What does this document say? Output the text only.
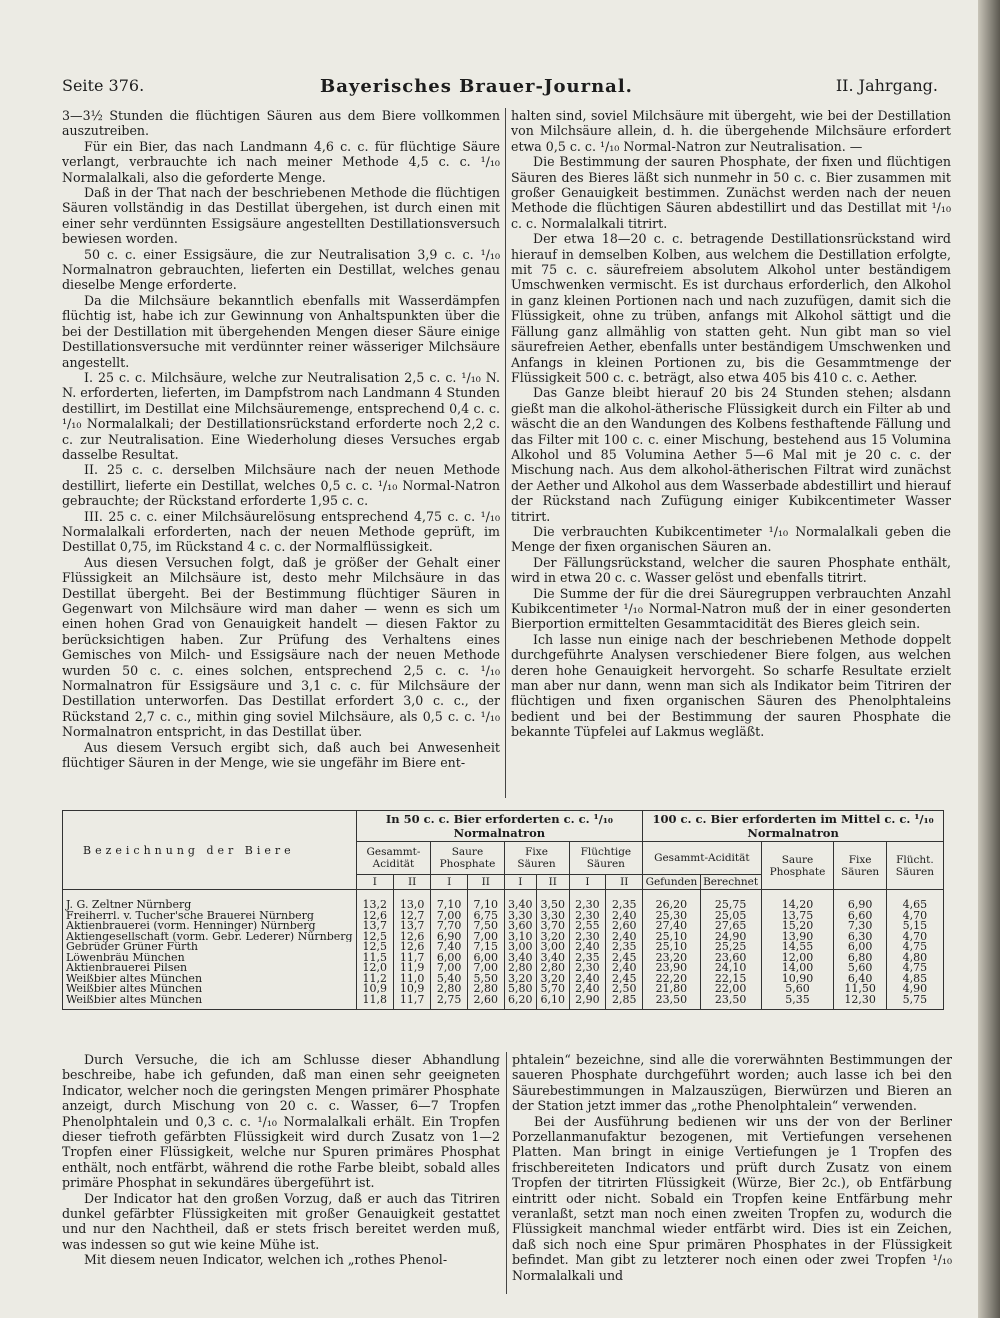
Seite 376.	Bayerisches Brauer-Journal.	II. Jahrgang.

3—3½ Stunden die flüchtigen Säuren aus dem Biere vollkommen auszutreiben.

Für ein Bier, das nach Landmann 4,6 c. c. für flüchtige Säure verlangt, verbrauchte ich nach meiner Methode 4,5 c. c. ¹/₁₀ Normalalkali, also die geforderte Menge.

Daß in der That nach der beschriebenen Methode die flüchtigen Säuren vollständig in das Destillat übergehen, ist durch einen mit einer sehr verdünnten Essigsäure angestellten Destillationsversuch bewiesen worden.

50 c. c. einer Essigsäure, die zur Neutralisation 3,9 c. c. ¹/₁₀ Normalnatron gebrauchten, lieferten ein Destillat, welches genau dieselbe Menge erforderte.

Da die Milchsäure bekanntlich ebenfalls mit Wasserdämpfen flüchtig ist, habe ich zur Gewinnung von Anhaltspunkten über die bei der Destillation mit übergehenden Mengen dieser Säure einige Destillationsversuche mit verdünnter reiner wässeriger Milchsäure angestellt.

I. 25 c. c. Milchsäure, welche zur Neutralisation 2,5 c. c. ¹/₁₀ N. N. erforderten, lieferten, im Dampfstrom nach Landmann 4 Stunden destillirt, im Destillat eine Milchsäuremenge, entsprechend 0,4 c. c. ¹/₁₀ Normalalkali; der Destillationsrückstand erforderte noch 2,2 c. c. zur Neutralisation. Eine Wiederholung dieses Versuches ergab dasselbe Resultat.

II. 25 c. c. derselben Milchsäure nach der neuen Methode destillirt, lieferte ein Destillat, welches 0,5 c. c. ¹/₁₀ Normal-Natron gebrauchte; der Rückstand erforderte 1,95 c. c.

III. 25 c. c. einer Milchsäurelösung entsprechend 4,75 c. c. ¹/₁₀ Normalalkali erforderten, nach der neuen Methode geprüft, im Destillat 0,75, im Rückstand 4 c. c. der Normalflüssigkeit.

Aus diesen Versuchen folgt, daß je größer der Gehalt einer Flüssigkeit an Milchsäure ist, desto mehr Milchsäure in das Destillat übergeht. Bei der Bestimmung flüchtiger Säuren in Gegenwart von Milchsäure wird man daher — wenn es sich um einen hohen Grad von Genauigkeit handelt — diesen Faktor zu berücksichtigen haben. Zur Prüfung des Verhaltens eines Gemisches von Milch- und Essigsäure nach der neuen Methode wurden 50 c. c. eines solchen, entsprechend 2,5 c. c. ¹/₁₀ Normalnatron für Essigsäure und 3,1 c. c. für Milchsäure der Destillation unterworfen. Das Destillat erfordert 3,0 c. c., der Rückstand 2,7 c. c., mithin ging soviel Milchsäure, als 0,5 c. c. ¹/₁₀ Normalnatron entspricht, in das Destillat über.

Aus diesem Versuch ergibt sich, daß auch bei Anwesenheit flüchtiger Säuren in der Menge, wie sie ungefähr im Biere ent-

halten sind, soviel Milchsäure mit übergeht, wie bei der Destillation von Milchsäure allein, d. h. die übergehende Milchsäure erfordert etwa 0,5 c. c. ¹/₁₀ Normal-Natron zur Neutralisation. —

Die Bestimmung der sauren Phosphate, der fixen und flüchtigen Säuren des Bieres läßt sich nunmehr in 50 c. c. Bier zusammen mit großer Genauigkeit bestimmen. Zunächst werden nach der neuen Methode die flüchtigen Säuren abdestillirt und das Destillat mit ¹/₁₀ c. c. Normalalkali titrirt.

Der etwa 18—20 c. c. betragende Destillationsrückstand wird hierauf in demselben Kolben, aus welchem die Destillation erfolgte, mit 75 c. c. säurefreiem absolutem Alkohol unter beständigem Umschwenken vermischt. Es ist durchaus erforderlich, den Alkohol in ganz kleinen Portionen nach und nach zuzufügen, damit sich die Flüssigkeit, ohne zu trüben, anfangs mit Alkohol sättigt und die Fällung ganz allmählig von statten geht. Nun gibt man so viel säurefreien Aether, ebenfalls unter beständigem Umschwenken und Anfangs in kleinen Portionen zu, bis die Gesammtmenge der Flüssigkeit 500 c. c. beträgt, also etwa 405 bis 410 c. c. Aether.

Das Ganze bleibt hierauf 20 bis 24 Stunden stehen; alsdann gießt man die alkohol-ätherische Flüssigkeit durch ein Filter ab und wäscht die an den Wandungen des Kolbens festhaftende Fällung und das Filter mit 100 c. c. einer Mischung, bestehend aus 15 Volumina Alkohol und 85 Volumina Aether 5—6 Mal mit je 20 c. c. der Mischung nach. Aus dem alkohol-ätherischen Filtrat wird zunächst der Aether und Alkohol aus dem Wasserbade abdestillirt und hierauf der Rückstand nach Zufügung einiger Kubikcentimeter Wasser titrirt.

Die verbrauchten Kubikcentimeter ¹/₁₀ Normalalkali geben die Menge der fixen organischen Säuren an.

Der Fällungsrückstand, welcher die sauren Phosphate enthält, wird in etwa 20 c. c. Wasser gelöst und ebenfalls titrirt.

Die Summe der für die drei Säuregruppen verbrauchten Anzahl Kubikcentimeter ¹/₁₀ Normal-Natron muß der in einer gesonderten Bierportion ermittelten Gesammtacidität des Bieres gleich sein.

Ich lasse nun einige nach der beschriebenen Methode doppelt durchgeführte Analysen verschiedener Biere folgen, aus welchen deren hohe Genauigkeit hervorgeht. So scharfe Resultate erzielt man aber nur dann, wenn man sich als Indikator beim Titriren der flüchtigen und fixen organischen Säuren des Phenolphtaleins bedient und bei der Bestimmung der sauren Phosphate die bekannte Tüpfelei auf Lakmus wegläßt.

Bezeichnung der Biere	In 50 c. c. Bier erforderten c. c. ¹/₁₀ Normalnatron								100 c. c. Bier erforderten im Mittel c. c. ¹/₁₀ Normalnatron				
	Gesammt-Acidität		Saure Phosphate		Fixe Säuren		Flüchtige Säuren		Gesammt-Acidität		Saure Phosphate	Fixe Säuren	Flücht. Säuren
	I	II	I	II	I	II	I	II	Gefunden	Berechnet			
J. G. Zeltner Nürnberg	13,2	13,0	7,10	7,10	3,40	3,50	2,30	2,35	26,20	25,75	14,20	6,90	4,65
Freiherrl. v. Tucher'sche Brauerei Nürnberg	12,6	12,7	7,00	6,75	3,30	3,30	2,30	2,40	25,30	25,05	13,75	6,60	4,70
Aktienbrauerei (vorm. Henninger) Nürnberg	13,7	13,7	7,70	7,50	3,60	3,70	2,55	2,60	27,40	27,65	15,20	7,30	5,15
Aktiengesellschaft (vorm. Gebr. Lederer) Nürnberg	12,5	12,6	6,90	7,00	3,10	3,20	2,30	2,40	25,10	24,90	13,90	6,30	4,70
Gebrüder Grüner Fürth	12,5	12,6	7,40	7,15	3,00	3,00	2,40	2,35	25,10	25,25	14,55	6,00	4,75
Löwenbräu München	11,5	11,7	6,00	6,00	3,40	3,40	2,35	2,45	23,20	23,60	12,00	6,80	4,80
Aktienbrauerei Pilsen	12,0	11,9	7,00	7,00	2,80	2,80	2,30	2,40	23,90	24,10	14,00	5,60	4,75
Weißbier altes München	11,2	11,0	5,40	5,50	3,20	3,20	2,40	2,45	22,20	22,15	10,90	6,40	4,85
Weißbier altes München	10,9	10,9	2,80	2,80	5,80	5,70	2,40	2,50	21,80	22,00	5,60	11,50	4,90
Weißbier altes München	11,8	11,7	2,75	2,60	6,20	6,10	2,90	2,85	23,50	23,50	5,35	12,30	5,75

Durch Versuche, die ich am Schlusse dieser Abhandlung beschreibe, habe ich gefunden, daß man einen sehr geeigneten Indicator, welcher noch die geringsten Mengen primärer Phosphate anzeigt, durch Mischung von 20 c. c. Wasser, 6—7 Tropfen Phenolphtalein und 0,3 c. c. ¹/₁₀ Normalalkali erhält. Ein Tropfen dieser tiefroth gefärbten Flüssigkeit wird durch Zusatz von 1—2 Tropfen einer Flüssigkeit, welche nur Spuren primäres Phosphat enthält, noch entfärbt, während die rothe Farbe bleibt, sobald alles primäre Phosphat in sekundäres übergeführt ist.

Der Indicator hat den großen Vorzug, daß er auch das Titriren dunkel gefärbter Flüssigkeiten mit großer Genauigkeit gestattet und nur den Nachtheil, daß er stets frisch bereitet werden muß, was indessen so gut wie keine Mühe ist.

Mit diesem neuen Indicator, welchen ich „rothes Phenol-

phtalein“ bezeichne, sind alle die vorerwähnten Bestimmungen der saueren Phosphate durchgeführt worden; auch lasse ich bei den Säurebestimmungen in Malzauszügen, Bierwürzen und Bieren an der Station jetzt immer das „rothe Phenolphtalein“ verwenden.

Bei der Ausführung bedienen wir uns der von der Berliner Porzellanmanufaktur bezogenen, mit Vertiefungen versehenen Platten. Man bringt in einige Vertiefungen je 1 Tropfen des frischbereiteten Indicators und prüft durch Zusatz von einem Tropfen der titrirten Flüssigkeit (Würze, Bier 2c.), ob Entfärbung eintritt oder nicht. Sobald ein Tropfen keine Entfärbung mehr veranlaßt, setzt man noch einen zweiten Tropfen zu, wodurch die Flüssigkeit manchmal wieder entfärbt wird. Dies ist ein Zeichen, daß sich noch eine Spur primären Phosphates in der Flüssigkeit befindet. Man gibt zu letzterer noch einen oder zwei Tropfen ¹/₁₀ Normalalkali und
